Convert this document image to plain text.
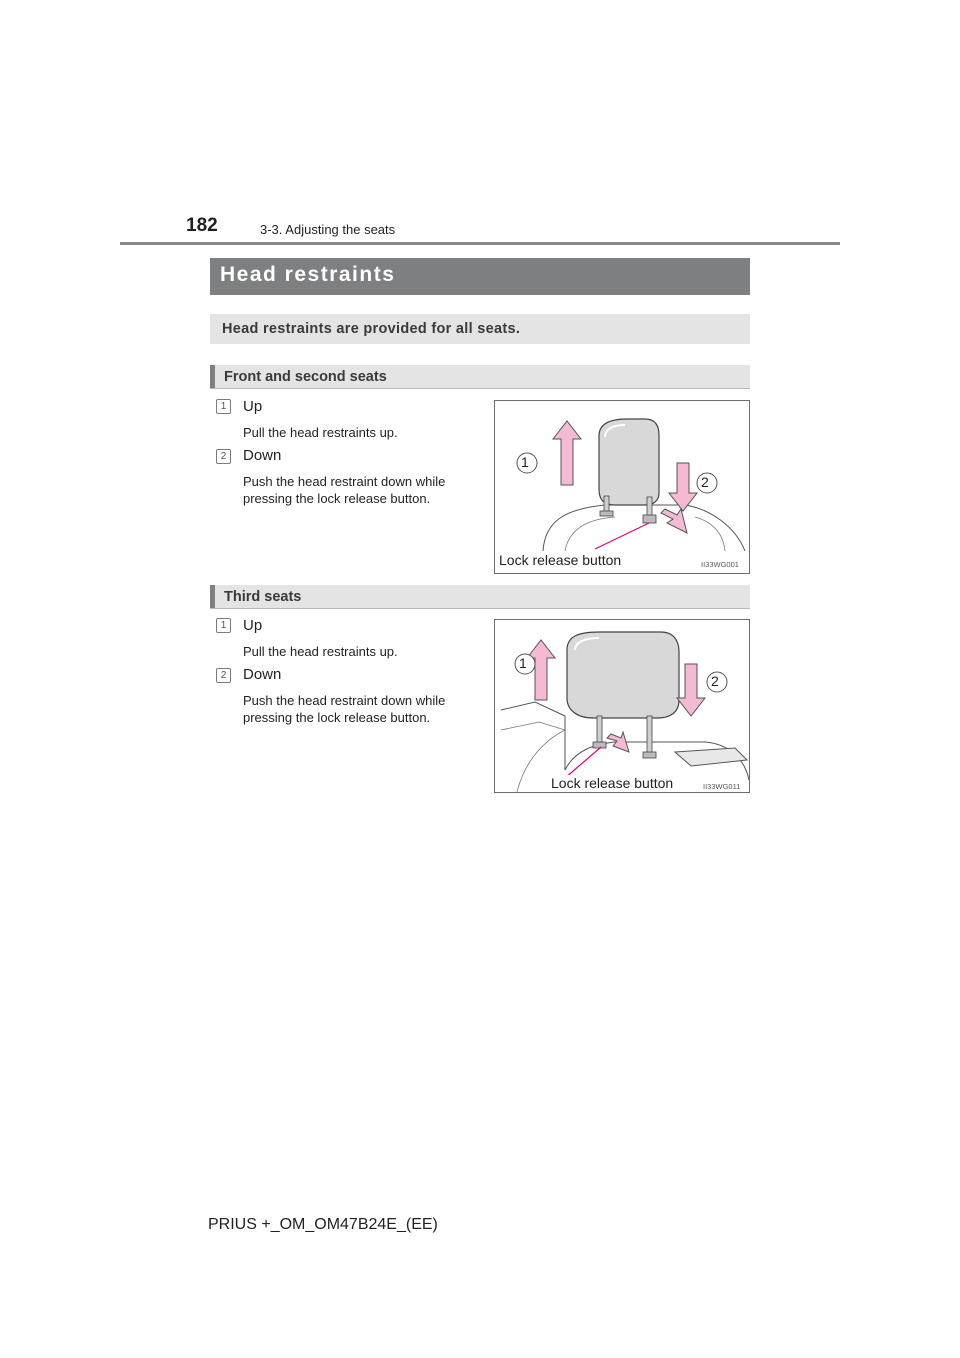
182	3-3. Adjusting the seats
Head restraints
Head restraints are provided for all seats.
Front and second seats
1	Up
Pull the head restraints up.
2	Down
Push the head restraint down while pressing the lock release button.
1
2
Lock release button	II33WG001
Third seats
1	Up
Pull the head restraints up.
2	Down
Push the head restraint down while pressing the lock release button.
1
2
Lock release button	II33WG011
PRIUS +_OM_OM47B24E_(EE)
